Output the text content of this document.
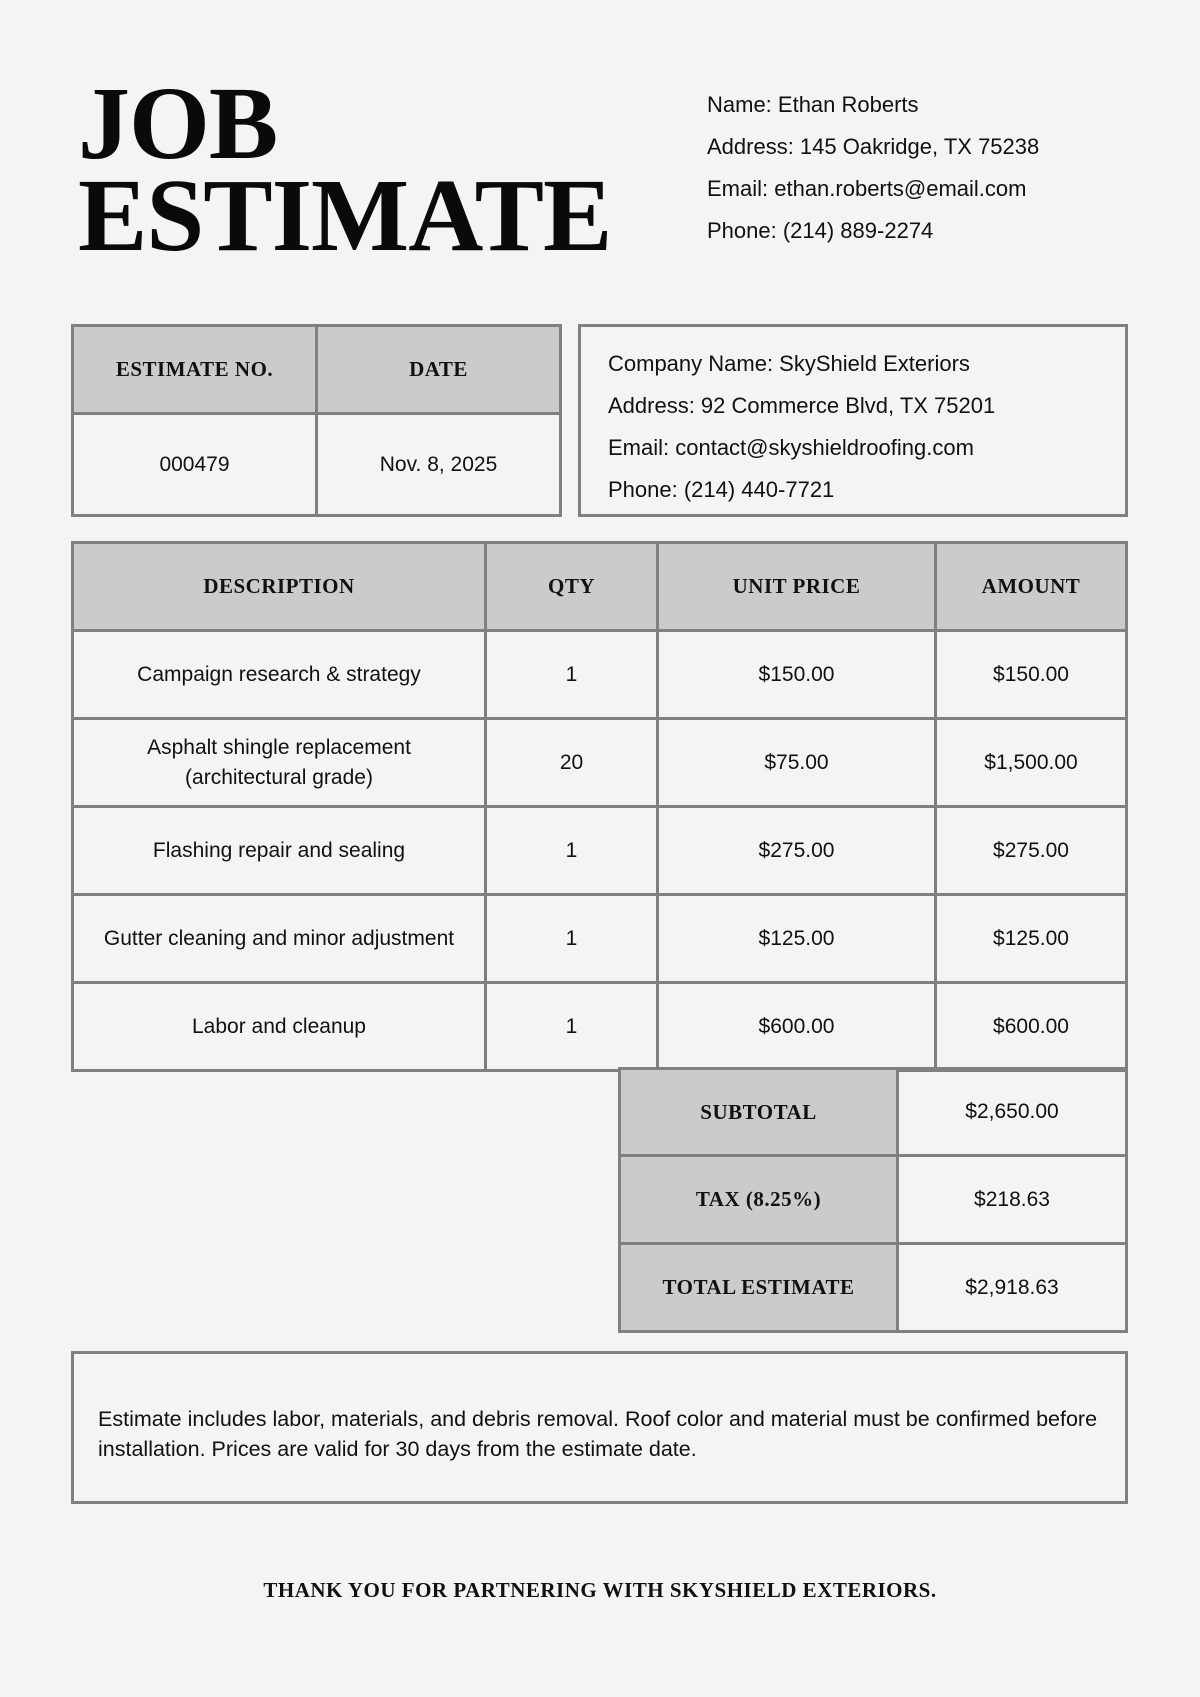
JOB
ESTIMATE
Name: Ethan Roberts
Address: 145 Oakridge, TX 75238
Email: ethan.roberts@email.com
Phone: (214) 889-2274
ESTIMATE NO.	DATE
000479	Nov. 8, 2025
Company Name: SkyShield Exteriors
Address: 92 Commerce Blvd, TX 75201
Email: contact@skyshieldroofing.com
Phone: (214) 440-7721
DESCRIPTION	QTY	UNIT PRICE	AMOUNT
Campaign research & strategy	1	$150.00	$150.00
Asphalt shingle replacement (architectural grade)	20	$75.00	$1,500.00
Flashing repair and sealing	1	$275.00	$275.00
Gutter cleaning and minor adjustment	1	$125.00	$125.00
Labor and cleanup	1	$600.00	$600.00
SUBTOTAL	$2,650.00
TAX (8.25%)	$218.63
TOTAL ESTIMATE	$2,918.63
Estimate includes labor, materials, and debris removal. Roof color and material must be confirmed before installation. Prices are valid for 30 days from the estimate date.
THANK YOU FOR PARTNERING WITH SKYSHIELD EXTERIORS.
